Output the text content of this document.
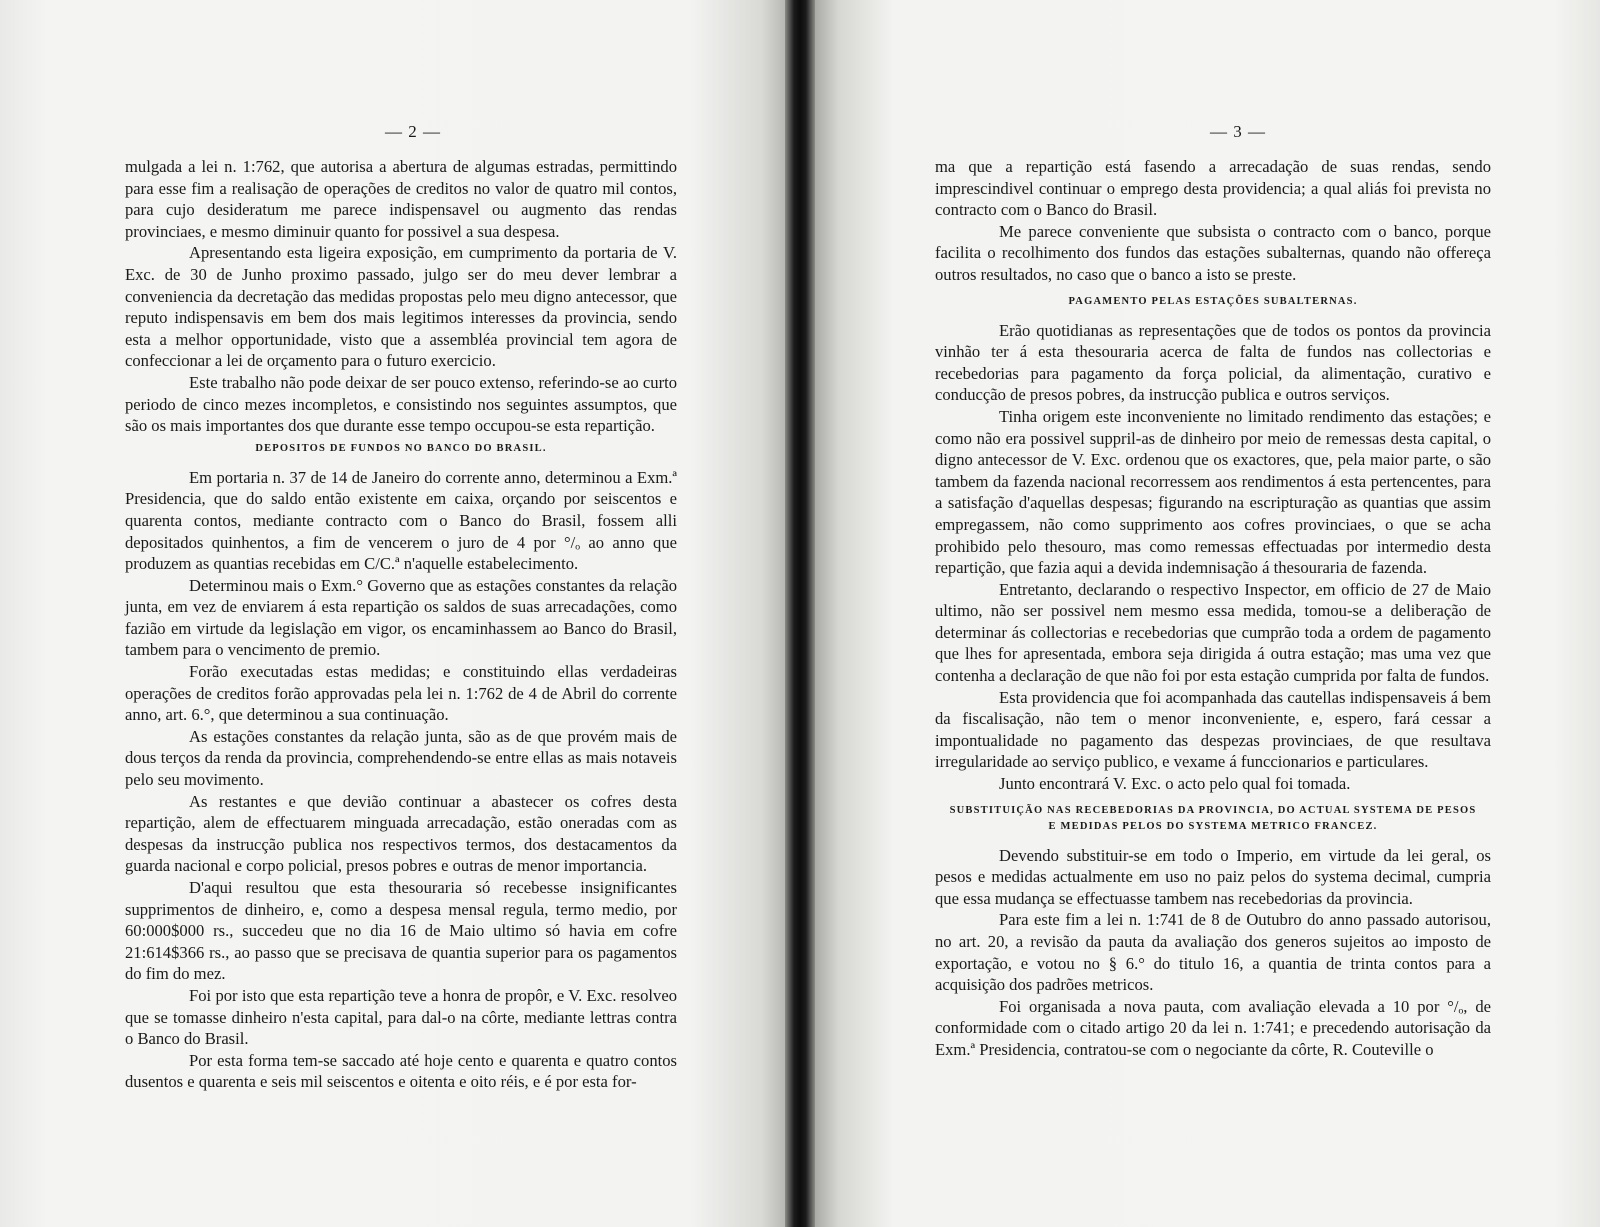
— 2 —

mulgada a lei n. 1:762, que autorisa a abertura de algumas estradas, permittindo para esse fim a realisação de operações de creditos no valor de quatro mil contos, para cujo desideratum me parece indispensavel ou augmento das rendas provinciaes, e mesmo diminuir quanto for possivel a sua despesa.

Apresentando esta ligeira exposição, em cumprimento da portaria de V. Exc. de 30 de Junho proximo passado, julgo ser do meu dever lembrar a conveniencia da decretação das medidas propostas pelo meu digno antecessor, que reputo indispensavis em bem dos mais legitimos interesses da provincia, sendo esta a melhor opportunidade, visto que a assembléa provincial tem agora de confeccionar a lei de orçamento para o futuro exercicio.

Este trabalho não pode deixar de ser pouco extenso, referindo-se ao curto periodo de cinco mezes incompletos, e consistindo nos seguintes assumptos, que são os mais importantes dos que durante esse tempo occupou-se esta repartição.

DEPOSITOS DE FUNDOS NO BANCO DO BRASIL.

Em portaria n. 37 de 14 de Janeiro do corrente anno, determinou a Exm.ª Presidencia, que do saldo então existente em caixa, orçando por seiscentos e quarenta contos, mediante contracto com o Banco do Brasil, fossem alli depositados quinhentos, a fim de vencerem o juro de 4 por °/ₒ ao anno que produzem as quantias recebidas em C/C.ª n'aquelle estabelecimento.

Determinou mais o Exm.° Governo que as estações constantes da relação junta, em vez de enviarem á esta repartição os saldos de suas arrecadações, como fazião em virtude da legislação em vigor, os encaminhassem ao Banco do Brasil, tambem para o vencimento de premio.

Forão executadas estas medidas; e constituindo ellas verdadeiras operações de creditos forão approvadas pela lei n. 1:762 de 4 de Abril do corrente anno, art. 6.°, que determinou a sua continuação.

As estações constantes da relação junta, são as de que provém mais de dous terços da renda da provincia, comprehendendo-se entre ellas as mais notaveis pelo seu movimento.

As restantes e que devião continuar a abastecer os cofres desta repartição, alem de effectuarem minguada arrecadação, estão oneradas com as despesas da instrucção publica nos respectivos termos, dos destacamentos da guarda nacional e corpo policial, presos pobres e outras de menor importancia.

D'aqui resultou que esta thesouraria só recebesse insignificantes supprimentos de dinheiro, e, como a despesa mensal regula, termo medio, por 60:000$000 rs., succedeu que no dia 16 de Maio ultimo só havia em cofre 21:614$366 rs., ao passo que se precisava de quantia superior para os pagamentos do fim do mez.

Foi por isto que esta repartição teve a honra de propôr, e V. Exc. resolveo que se tomasse dinheiro n'esta capital, para dal-o na côrte, mediante lettras contra o Banco do Brasil.

Por esta forma tem-se saccado até hoje cento e quarenta e quatro contos dusentos e quarenta e seis mil seiscentos e oitenta e oito réis, e é por esta for-

— 3 —

ma que a repartição está fasendo a arrecadação de suas rendas, sendo imprescindivel continuar o emprego desta providencia; a qual aliás foi prevista no contracto com o Banco do Brasil.

Me parece conveniente que subsista o contracto com o banco, porque facilita o recolhimento dos fundos das estações subalternas, quando não offereça outros resultados, no caso que o banco a isto se preste.

PAGAMENTO PELAS ESTAÇÕES SUBALTERNAS.

Erão quotidianas as representações que de todos os pontos da provincia vinhão ter á esta thesouraria acerca de falta de fundos nas collectorias e recebedorias para pagamento da força policial, da alimentação, curativo e conducção de presos pobres, da instrucção publica e outros serviços.

Tinha origem este inconveniente no limitado rendimento das estações; e como não era possivel suppril-as de dinheiro por meio de remessas desta capital, o digno antecessor de V. Exc. ordenou que os exactores, que, pela maior parte, o são tambem da fazenda nacional recorressem aos rendimentos á esta pertencentes, para a satisfação d'aquellas despesas; figurando na escripturação as quantias que assim empregassem, não como supprimento aos cofres provinciaes, o que se acha prohibido pelo thesouro, mas como remessas effectuadas por intermedio desta repartição, que fazia aqui a devida indemnisação á thesouraria de fazenda.

Entretanto, declarando o respectivo Inspector, em officio de 27 de Maio ultimo, não ser possivel nem mesmo essa medida, tomou-se a deliberação de determinar ás collectorias e recebedorias que cumprão toda a ordem de pagamento que lhes for apresentada, embora seja dirigida á outra estação; mas uma vez que contenha a declaração de que não foi por esta estação cumprida por falta de fundos.

Esta providencia que foi acompanhada das cautellas indispensaveis á bem da fiscalisação, não tem o menor inconveniente, e, espero, fará cessar a impontualidade no pagamento das despezas provinciaes, de que resultava irregularidade ao serviço publico, e vexame á funccionarios e particulares.

Junto encontrará V. Exc. o acto pelo qual foi tomada.

SUBSTITUIÇÃO NAS RECEBEDORIAS DA PROVINCIA, DO ACTUAL SYSTEMA DE PESOS
E MEDIDAS PELOS DO SYSTEMA METRICO FRANCEZ.

Devendo substituir-se em todo o Imperio, em virtude da lei geral, os pesos e medidas actualmente em uso no paiz pelos do systema decimal, cumpria que essa mudança se effectuasse tambem nas recebedorias da provincia.

Para este fim a lei n. 1:741 de 8 de Outubro do anno passado autorisou, no art. 20, a revisão da pauta da avaliação dos generos sujeitos ao imposto de exportação, e votou no § 6.° do titulo 16, a quantia de trinta contos para a acquisição dos padrões metricos.

Foi organisada a nova pauta, com avaliação elevada a 10 por °/ₒ, de conformidade com o citado artigo 20 da lei n. 1:741; e precedendo autorisação da Exm.ª Presidencia, contratou-se com o negociante da côrte, R. Couteville o
